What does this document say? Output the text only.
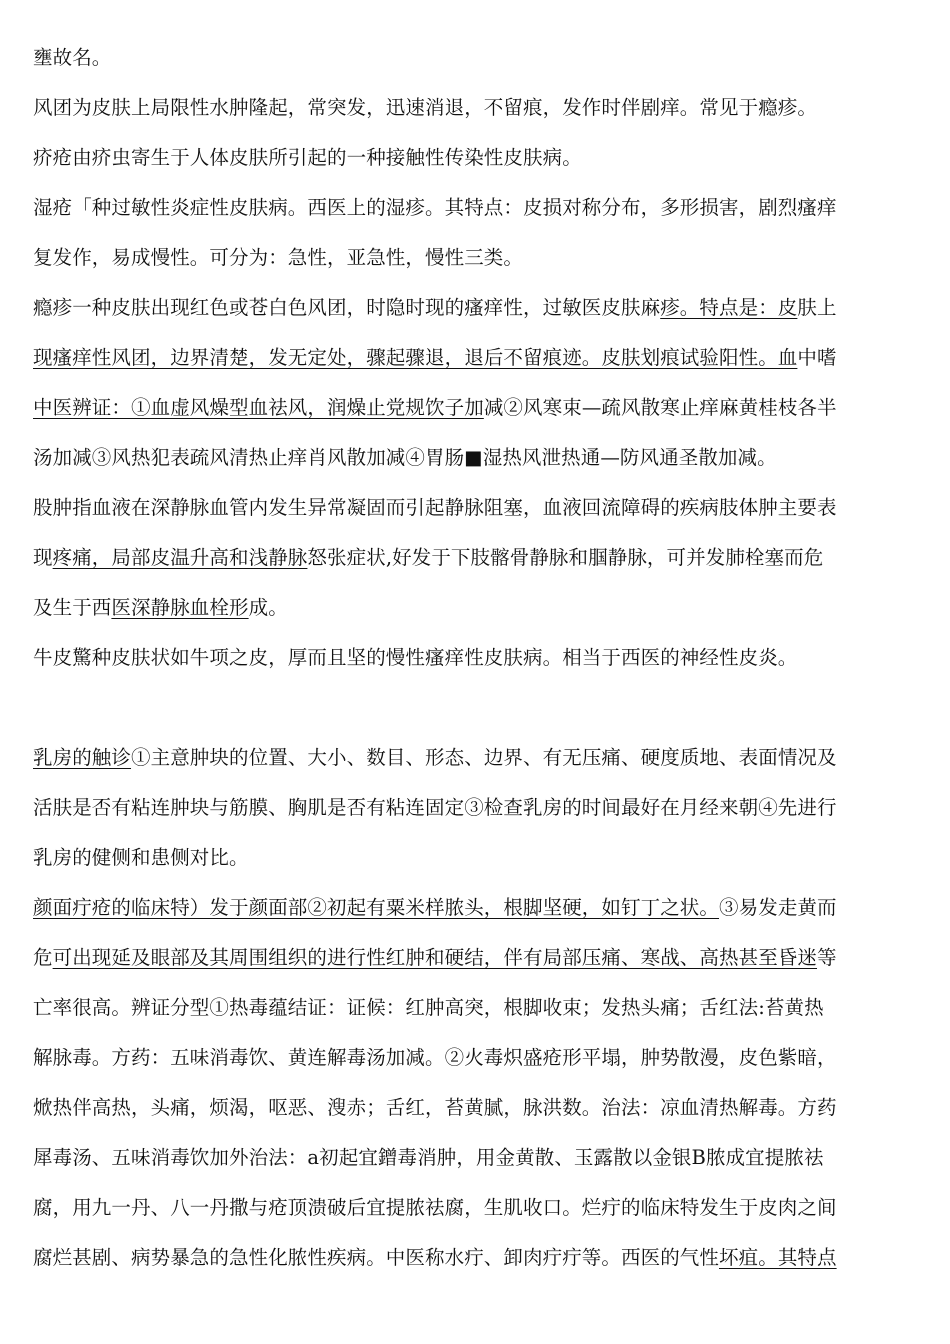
壅故名。
风团为皮肤上局限性水肿隆起，常突发，迅速消退，不留痕，发作时伴剧痒。常见于瘾疹。
疥疮由疥虫寄生于人体皮肤所引起的一种接触性传染性皮肤病。
湿疮「种过敏性炎症性皮肤病。西医上的湿疹。其特点：皮损对称分布，多形损害，剧烈瘙痒
复发作，易成慢性。可分为：急性，亚急性，慢性三类。
瘾疹一种皮肤出现红色或苍白色风团，时隐时现的瘙痒性，过敏医皮肤麻疹。特点是：皮肤上
现瘙痒性风团，边界清楚，发无定处，骤起骤退，退后不留痕迹。皮肤划痕试验阳性。血中嗜
中医辨证：①血虚风燥型血祛风，润燥止党规饮子加减②风寒束—疏风散寒止痒麻黄桂枝各半
汤加减③风热犯表疏风清热止痒肖风散加减④胃肠■湿热风泄热通—防风通圣散加减。
股肿指血液在深静脉血管内发生异常凝固而引起静脉阻塞，血液回流障碍的疾病肢体肿主要表
现疼痛，局部皮温升高和浅静脉怒张症状,好发于下肢髂骨静脉和腘静脉，可并发肺栓塞而危
及生于西医深静脉血栓形成。
牛皮驚种皮肤状如牛项之皮，厚而且坚的慢性瘙痒性皮肤病。相当于西医的神经性皮炎。
乳房的触诊①主意肿块的位置、大小、数目、形态、边界、有无压痛、硬度质地、表面情况及
活肤是否有粘连肿块与筋膜、胸肌是否有粘连固定③检查乳房的时间最好在月经来朝④先进行
乳房的健侧和患侧对比。
颜面疔疮的临床特）发于颜面部②初起有粟米样脓头，根脚坚硬，如钉丁之状。③易发走黄而
危可出现延及眼部及其周围组织的进行性红肿和硬结，伴有局部压痛、寒战、高热甚至昏迷等
亡率很高。辨证分型①热毒蕴结证：证候：红肿高突，根脚收束；发热头痛；舌红法:苔黄热
解脉毒。方药：五味消毒饮、黄连解毒汤加减。②火毒炽盛疮形平塌，肿势散漫，皮色紫暗，
焮热伴高热，头痛，烦渴，呕恶、溲赤；舌红，苔黄腻，脉洪数。治法：凉血清热解毒。方药
犀毒汤、五味消毒饮加外治法：a初起宜鏳毒消肿，用金黄散、玉露散以金银B脓成宜提脓祛
腐，用九一丹、八一丹撒与疮顶溃破后宜提脓祛腐，生肌收口。烂疔的临床特发生于皮肉之间
腐烂甚剧、病势暴急的急性化脓性疾病。中医称水疔、卸肉疔疔等。西医的气性坏疽。其特点
